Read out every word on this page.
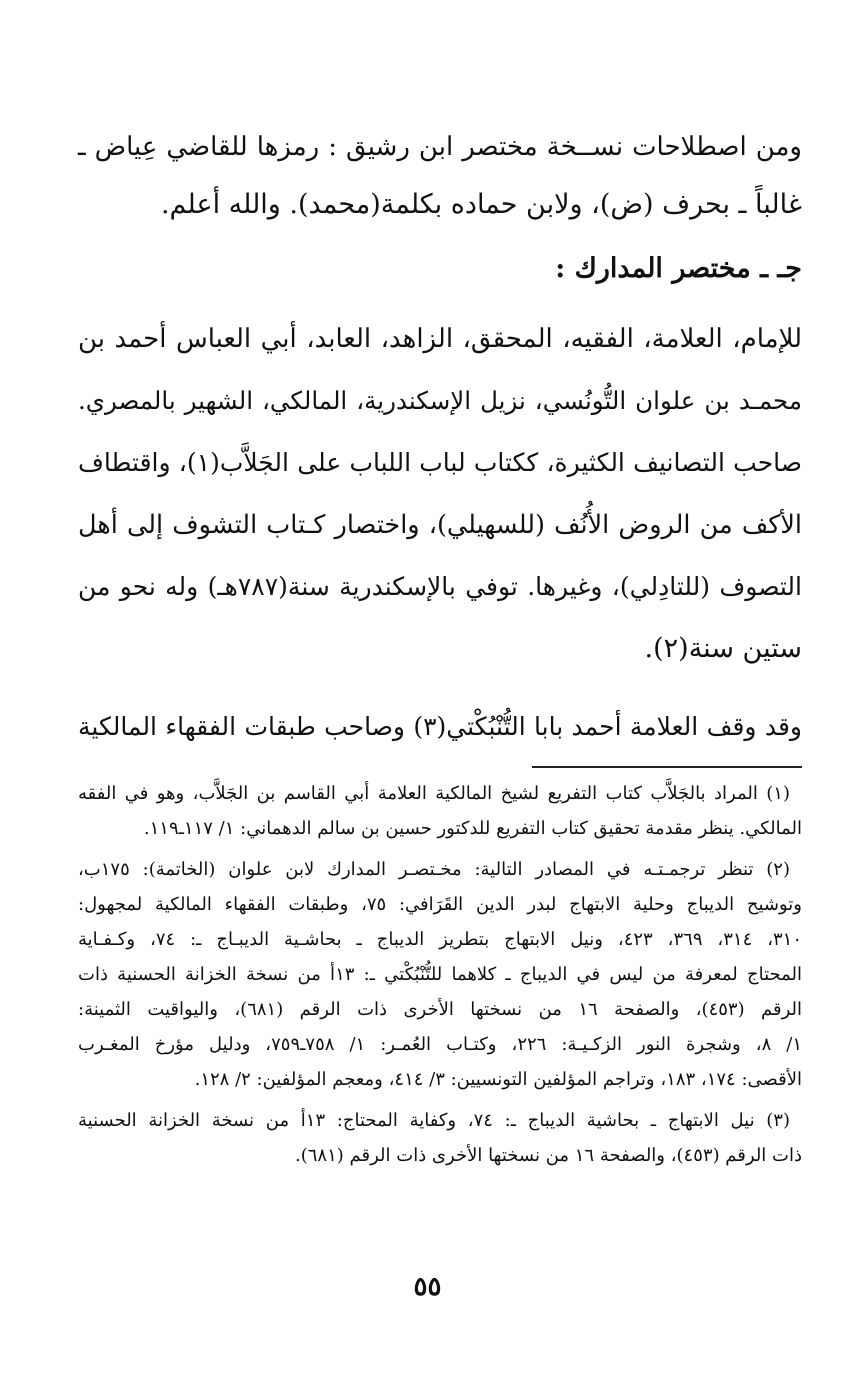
ومن اصطلاحات نســخة مختصر ابن رشيق : رمزها للقاضي عِياض ـ
غالباً ـ بحرف (ض)، ولابن حماده بكلمة(محمد). والله أعلم.
جـ ـ مختصر المدارك :
للإمام، العلامة، الفقيه، المحقق، الزاهد، العابد، أبي العباس أحمد بن
محمـد بن علوان التُّونُسي، نزيل الإسكندرية، المالكي، الشهير بالمصري.
صاحب التصانيف الكثيرة، ككتاب لباب اللباب على الجَلاَّب(١)، واقتطاف
الأكف من الروض الأُنُف (للسهيلي)، واختصار كـتاب التشوف إلى أهل
التصوف (للتادِلي)، وغيرها. توفي بالإسكندرية سنة(٧٨٧هـ) وله نحو من
ستين سنة(٢).
وقد وقف العلامة أحمد بابا التُّنْبُكْتي(٣) وصاحب طبقات الفقهاء المالكية
(١) المراد بالجَلاَّب كتاب التفريع لشيخ المالكية العلامة أبي القاسم بن الجَلاَّب، وهو في الفقه
المالكي. ينظر مقدمة تحقيق كتاب التفريع للدكتور حسين بن سالم الدهماني: ١/ ١١٧ـ١١٩.
(٢) تنظر ترجمـتـه في المصادر التالية: مخـتصـر المدارك لابن علوان (الخاتمة): ١٧٥ب،
وتوشيح الديباج وحلية الابتهاج لبدر الدين القَرَافي: ٧٥، وطبقات الفقهاء المالكية لمجهول:
٣١٠، ٣١٤، ٣٦٩، ٤٢٣، ونيل الابتهاج بتطريز الديباج ـ بحاشـية الديبـاج ـ: ٧٤، وكـفـاية
المحتاج لمعرفة من ليس في الديباج ـ كلاهما للتُّنْبُكْتي ـ: ١٣أ من نسخة الخزانة الحسنية ذات
الرقم (٤٥٣)، والصفحة ١٦ من نسختها الأخرى ذات الرقم (٦٨١)، واليواقيت الثمينة:
١/ ٨، وشجرة النور الزكـيـة: ٢٢٦، وكتـاب العُمـر: ١/ ٧٥٨ـ٧٥٩، ودليل مؤرخ المغـرب
الأقصى: ١٧٤، ١٨٣، وتراجم المؤلفين التونسيين: ٣/ ٤١٤، ومعجم المؤلفين: ٢/ ١٢٨.
(٣) نيل الابتهاج ـ بحاشية الديباج ـ: ٧٤، وكفاية المحتاج: ١٣أ من نسخة الخزانة الحسنية
ذات الرقم (٤٥٣)، والصفحة ١٦ من نسختها الأخرى ذات الرقم (٦٨١).
٥٥
